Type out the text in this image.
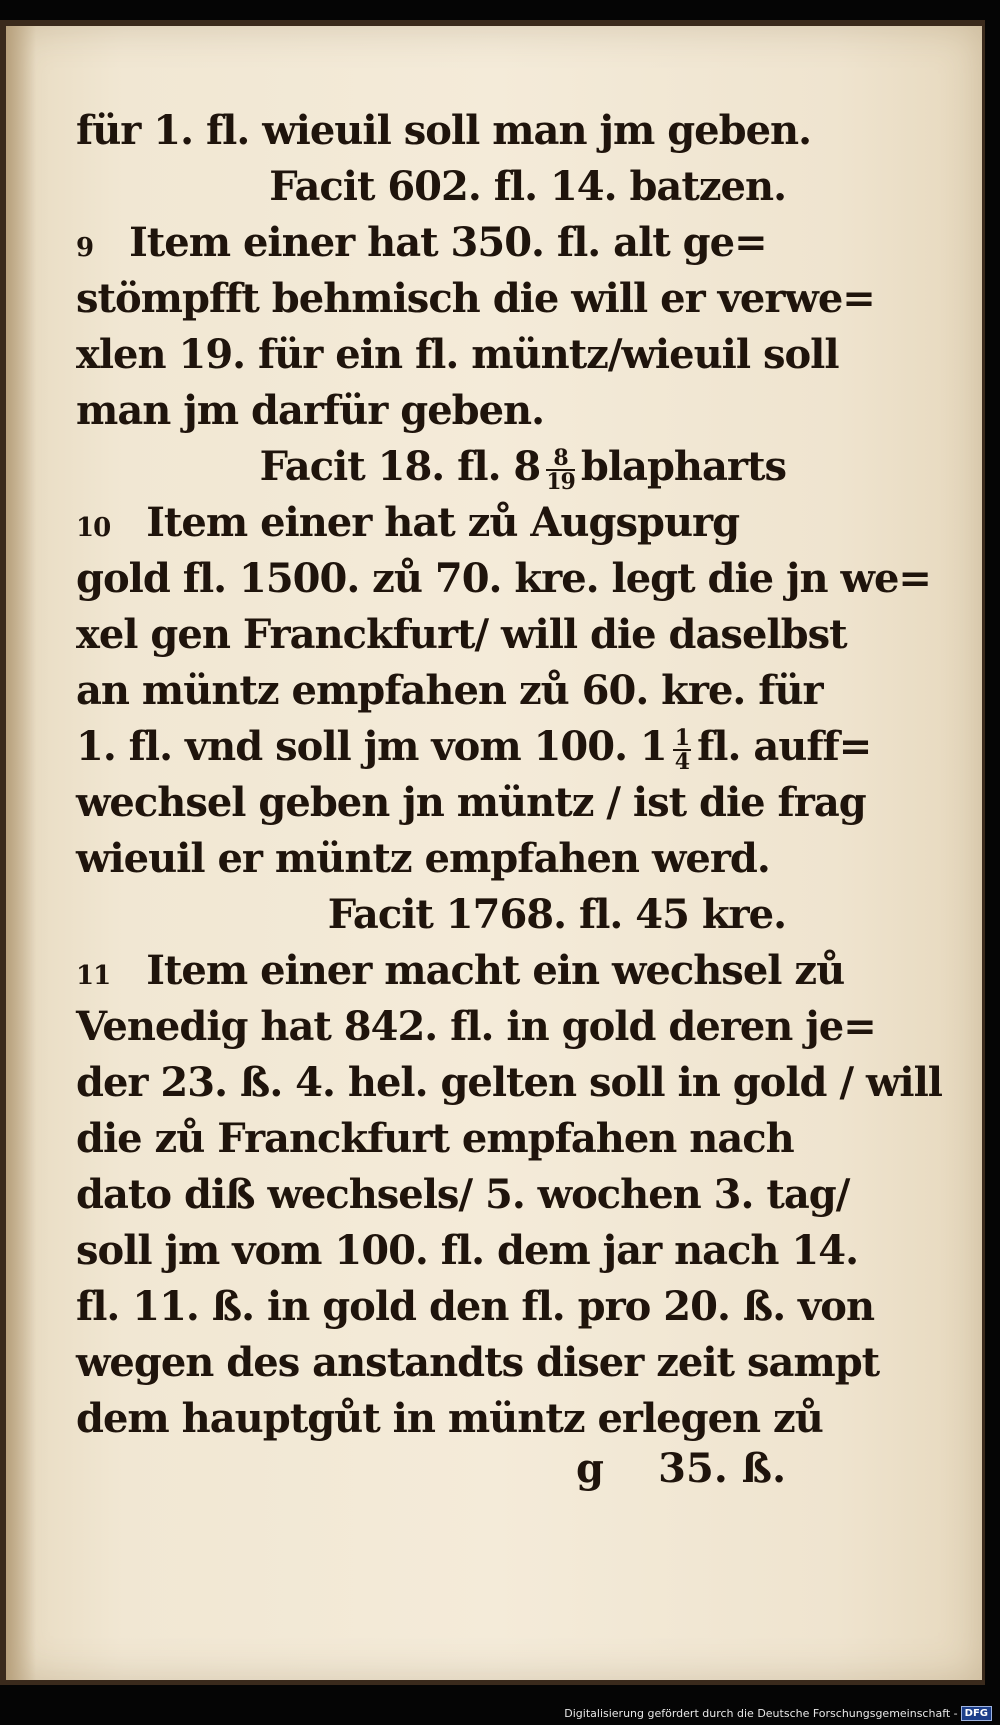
für 1. fl. wieuil soll man jm geben.
Facit 602. fl. 14. batzen.
9 Item einer hat 350. fl. alt ge=
stömpfft behmisch die will er verwe=
xlen 19. für ein fl. müntz/wieuil soll
man jm darfür geben.
Facit 18. fl. $8 \frac{8}{19}$ blapharts
10 Item einer hat zů Augspurg
gold fl. 1500. zů 70. kre. legt die jn we=
xel gen Franckfurt/ will die daselbst
an müntz empfahen zů 60. kre. für
1. fl. vnd soll jm vom 100. $1 \frac{1}{4}$ fl. auff=
wechsel geben jn müntz / ist die frag
wieuil er müntz empfahen werd.
Facit 1768. fl. 45 kre.
11 Item einer macht ein wechsel zů
Venedig hat 842. fl. in gold deren je=
der 23. ß. 4. hel. gelten soll in gold / will
die zů Franckfurt empfahen nach
dato diß wechsels/ 5. wochen 3. tag/
soll jm vom 100. fl. dem jar nach 14.
fl. 11. ß. in gold den fl. pro 20. ß. von
wegen des anstandts diser zeit sampt
dem hauptgůt in müntz erlegen zů
g 35. ß.
Digitalisierung gefördert durch die Deutsche Forschungsgemeinschaft - DFG
